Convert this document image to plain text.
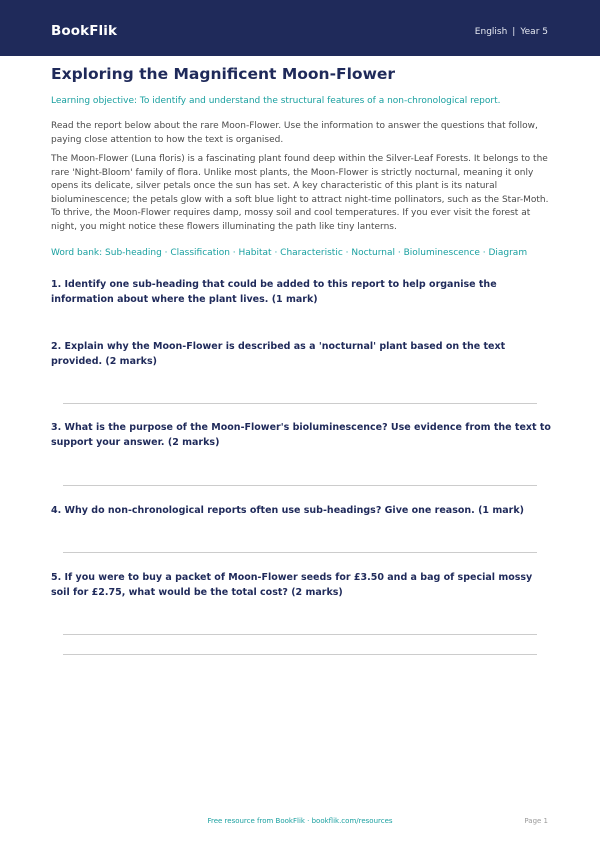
BookFlik	English | Year 5
Exploring the Magnificent Moon-Flower
Learning objective: To identify and understand the structural features of a non-chronological report.

Read the report below about the rare Moon-Flower. Use the information to answer the questions that follow, paying close attention to how the text is organised.

The Moon-Flower (Luna floris) is a fascinating plant found deep within the Silver-Leaf Forests. It belongs to the rare 'Night-Bloom' family of flora. Unlike most plants, the Moon-Flower is strictly nocturnal, meaning it only opens its delicate, silver petals once the sun has set. A key characteristic of this plant is its natural bioluminescence; the petals glow with a soft blue light to attract night-time pollinators, such as the Star-Moth. To thrive, the Moon-Flower requires damp, mossy soil and cool temperatures. If you ever visit the forest at night, you might notice these flowers illuminating the path like tiny lanterns.

Word bank: Sub-heading · Classification · Habitat · Characteristic · Nocturnal · Bioluminescence · Diagram

1. Identify one sub-heading that could be added to this report to help organise the information about where the plant lives. (1 mark)

2. Explain why the Moon-Flower is described as a 'nocturnal' plant based on the text provided. (2 marks)

3. What is the purpose of the Moon-Flower's bioluminescence? Use evidence from the text to support your answer. (2 marks)

4. Why do non-chronological reports often use sub-headings? Give one reason. (1 mark)

5. If you were to buy a packet of Moon-Flower seeds for £3.50 and a bag of special mossy soil for £2.75, what would be the total cost? (2 marks)

Free resource from BookFlik · bookflik.com/resources	Page 1
